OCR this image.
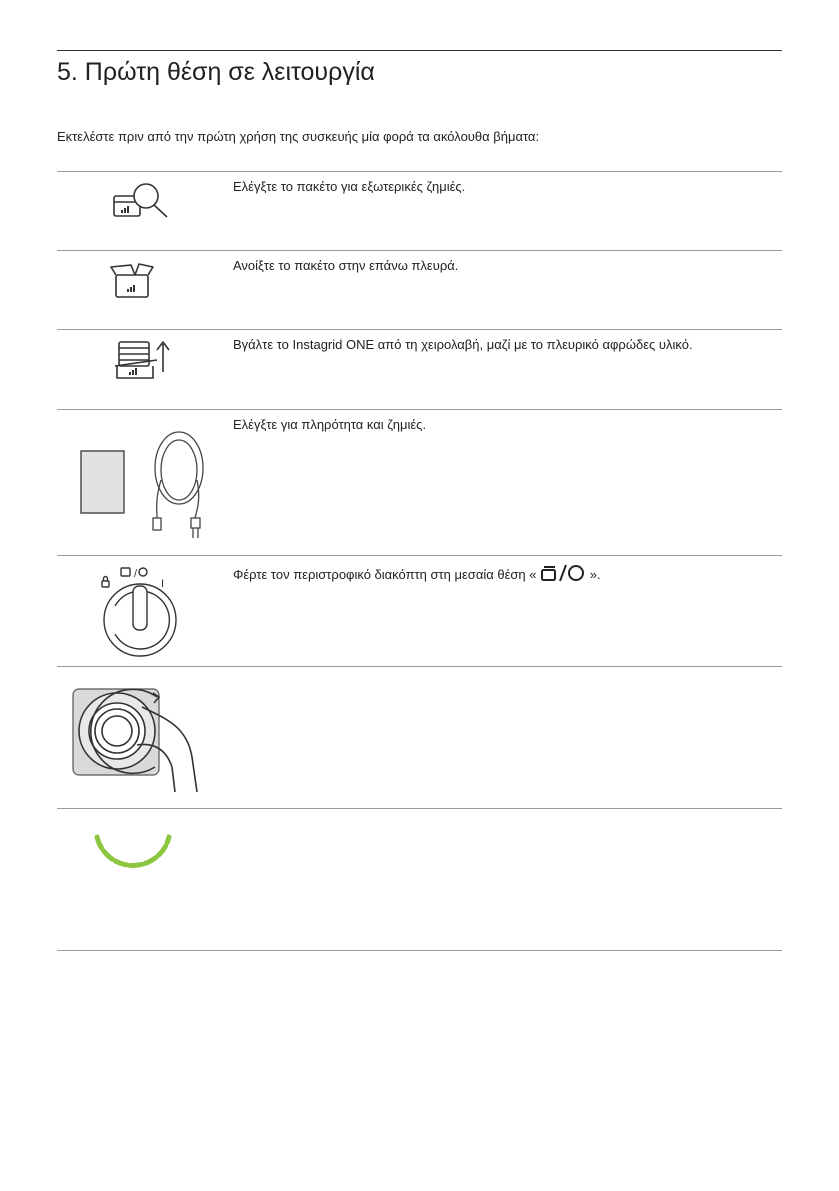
5. Πρώτη θέση σε λειτουργία

Εκτελέστε πριν από την πρώτη χρήση της συσκευής μία φορά τα ακόλουθα βήματα:

Ελέγξτε το πακέτο για εξωτερικές ζημιές.
Ανοίξτε το πακέτο στην επάνω πλευρά.
Βγάλτε το Instagrid ONE από τη χειρολαβή, μαζί με το πλευρικό αφρώδες υλικό.
Ελέγξτε για πληρότητα και ζημιές.
/
I
Φέρτε τον περιστροφικό διακόπτη στη μεσαία θέση «	».
